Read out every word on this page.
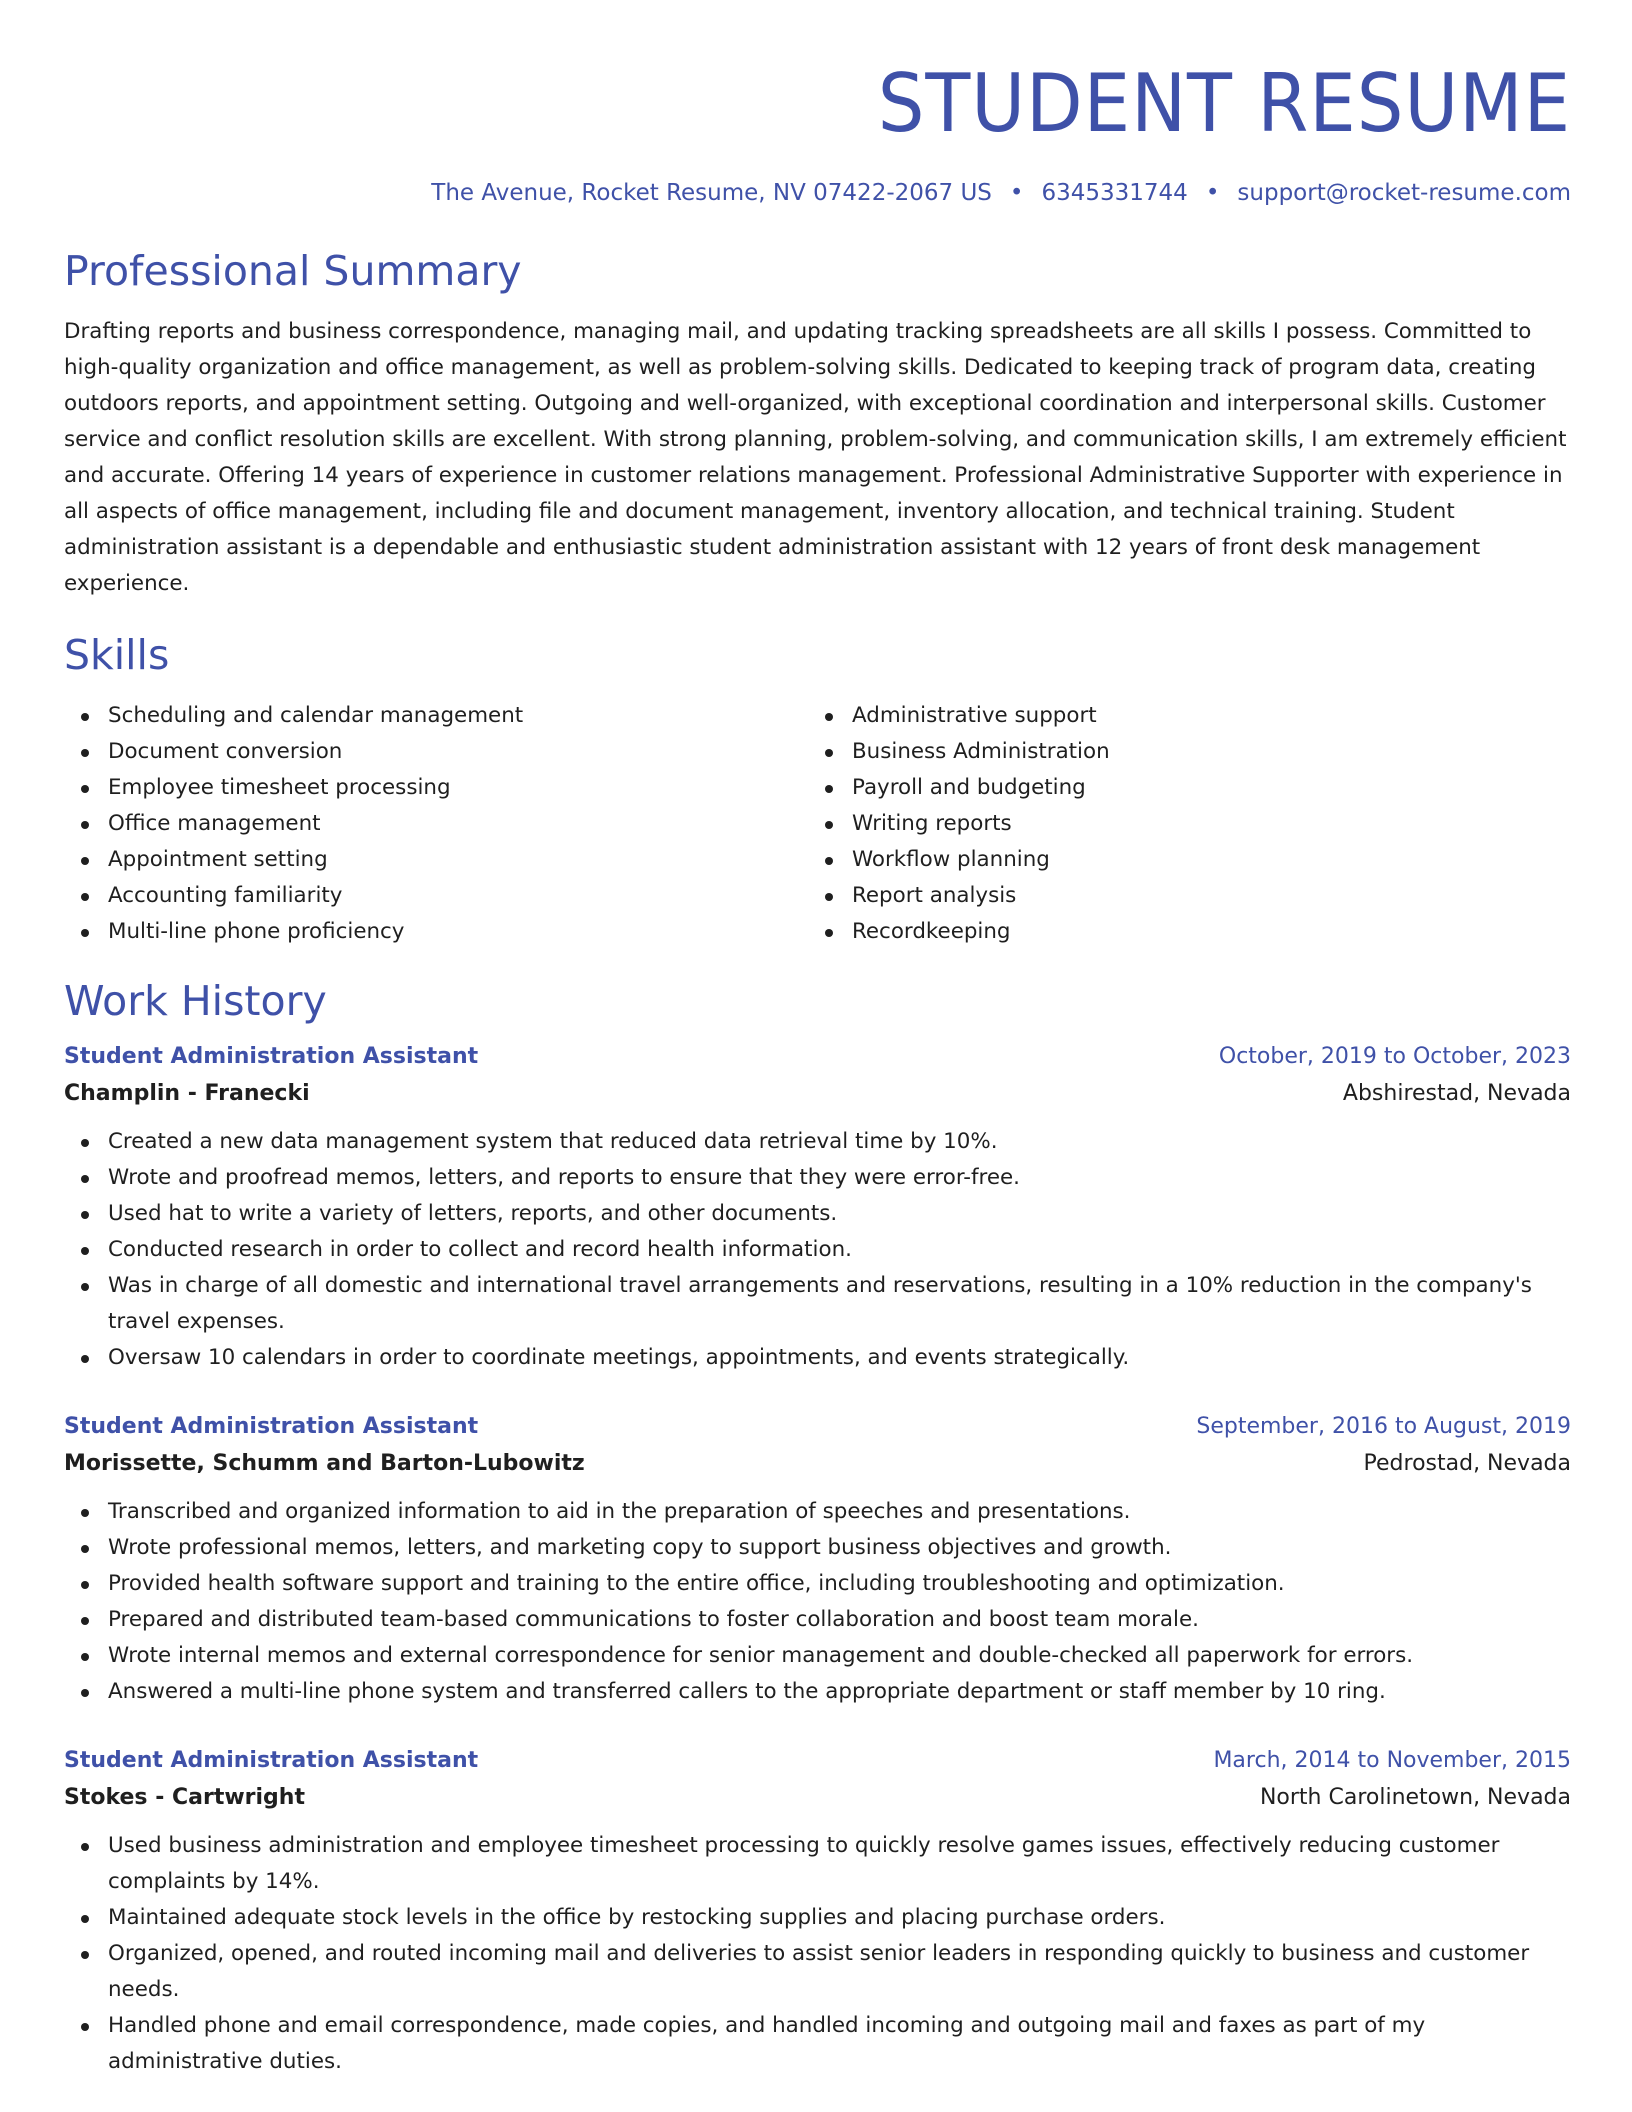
STUDENT RESUME
The Avenue, Rocket Resume, NV 07422-2067 US • 6345331744 • support@rocket-resume.com
Professional Summary
Drafting reports and business correspondence, managing mail, and updating tracking spreadsheets are all skills I possess. Committed to high-quality organization and office management, as well as problem-solving skills. Dedicated to keeping track of program data, creating outdoors reports, and appointment setting. Outgoing and well-organized, with exceptional coordination and interpersonal skills. Customer service and conflict resolution skills are excellent. With strong planning, problem-solving, and communication skills, I am extremely efficient and accurate. Offering 14 years of experience in customer relations management. Professional Administrative Supporter with experience in all aspects of office management, including file and document management, inventory allocation, and technical training. Student administration assistant is a dependable and enthusiastic student administration assistant with 12 years of front desk management experience.
Skills
Scheduling and calendar management
Document conversion
Employee timesheet processing
Office management
Appointment setting
Accounting familiarity
Multi-line phone proficiency
Administrative support
Business Administration
Payroll and budgeting
Writing reports
Workflow planning
Report analysis
Recordkeeping
Work History
Student Administration Assistant	October, 2019 to October, 2023
Champlin - Franecki	Abshirestad, Nevada
Created a new data management system that reduced data retrieval time by 10%.
Wrote and proofread memos, letters, and reports to ensure that they were error-free.
Used hat to write a variety of letters, reports, and other documents.
Conducted research in order to collect and record health information.
Was in charge of all domestic and international travel arrangements and reservations, resulting in a 10% reduction in the company's travel expenses.
Oversaw 10 calendars in order to coordinate meetings, appointments, and events strategically.
Student Administration Assistant	September, 2016 to August, 2019
Morissette, Schumm and Barton-Lubowitz	Pedrostad, Nevada
Transcribed and organized information to aid in the preparation of speeches and presentations.
Wrote professional memos, letters, and marketing copy to support business objectives and growth.
Provided health software support and training to the entire office, including troubleshooting and optimization.
Prepared and distributed team-based communications to foster collaboration and boost team morale.
Wrote internal memos and external correspondence for senior management and double-checked all paperwork for errors.
Answered a multi-line phone system and transferred callers to the appropriate department or staff member by 10 ring.
Student Administration Assistant	March, 2014 to November, 2015
Stokes - Cartwright	North Carolinetown, Nevada
Used business administration and employee timesheet processing to quickly resolve games issues, effectively reducing customer complaints by 14%.
Maintained adequate stock levels in the office by restocking supplies and placing purchase orders.
Organized, opened, and routed incoming mail and deliveries to assist senior leaders in responding quickly to business and customer needs.
Handled phone and email correspondence, made copies, and handled incoming and outgoing mail and faxes as part of my administrative duties.
